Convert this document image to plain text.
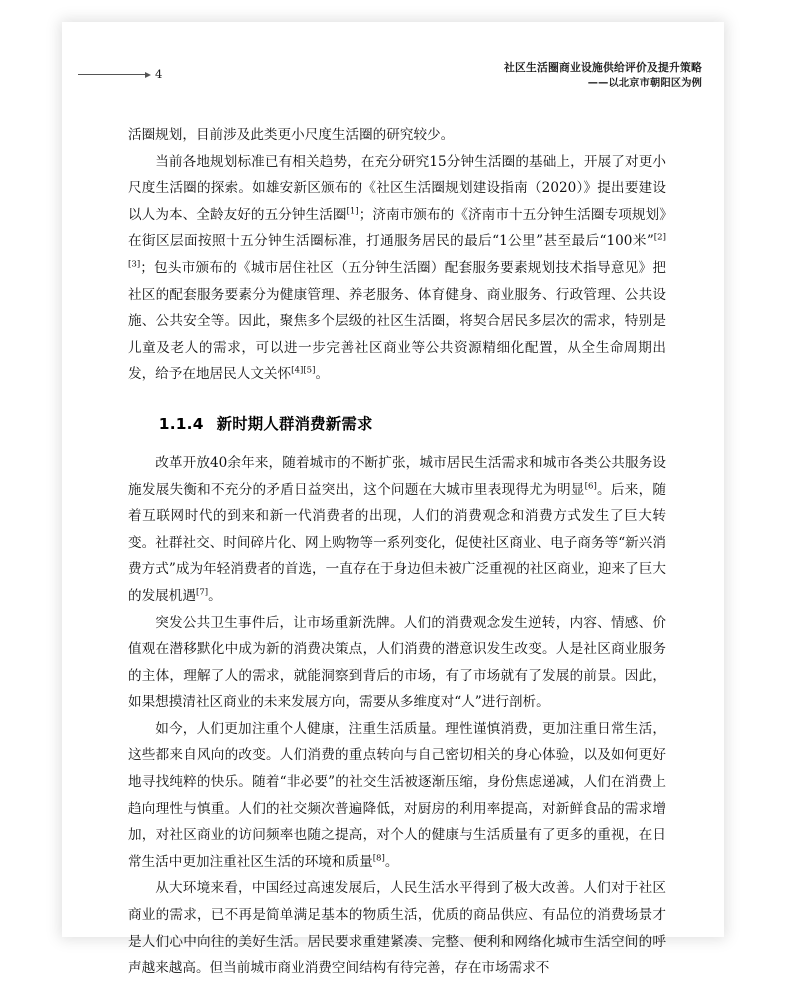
4	社区生活圈商业设施供给评价及提升策略
——以北京市朝阳区为例

活圈规划，目前涉及此类更小尺度生活圈的研究较少。

当前各地规划标准已有相关趋势，在充分研究15分钟生活圈的基础上，开展了对更小尺度生活圈的探索。如雄安新区颁布的《社区生活圈规划建设指南（2020）》提出要建设以人为本、全龄友好的五分钟生活圈[1]；济南市颁布的《济南市十五分钟生活圈专项规划》在街区层面按照十五分钟生活圈标准，打通服务居民的最后“1公里”甚至最后“100米”[2][3]；包头市颁布的《城市居住社区（五分钟生活圈）配套服务要素规划技术指导意见》把社区的配套服务要素分为健康管理、养老服务、体育健身、商业服务、行政管理、公共设施、公共安全等。因此，聚焦多个层级的社区生活圈，将契合居民多层次的需求，特别是儿童及老人的需求，可以进一步完善社区商业等公共资源精细化配置，从全生命周期出发，给予在地居民人文关怀[4][5]。

1.1.4 新时期人群消费新需求

改革开放40余年来，随着城市的不断扩张，城市居民生活需求和城市各类公共服务设施发展失衡和不充分的矛盾日益突出，这个问题在大城市里表现得尤为明显[6]。后来，随着互联网时代的到来和新一代消费者的出现，人们的消费观念和消费方式发生了巨大转变。社群社交、时间碎片化、网上购物等一系列变化，促使社区商业、电子商务等“新兴消费方式”成为年轻消费者的首选，一直存在于身边但未被广泛重视的社区商业，迎来了巨大的发展机遇[7]。

突发公共卫生事件后，让市场重新洗牌。人们的消费观念发生逆转，内容、情感、价值观在潜移默化中成为新的消费决策点，人们消费的潜意识发生改变。人是社区商业服务的主体，理解了人的需求，就能洞察到背后的市场，有了市场就有了发展的前景。因此，如果想摸清社区商业的未来发展方向，需要从多维度对“人”进行剖析。

如今，人们更加注重个人健康，注重生活质量。理性谨慎消费，更加注重日常生活，这些都来自风向的改变。人们消费的重点转向与自己密切相关的身心体验，以及如何更好地寻找纯粹的快乐。随着“非必要”的社交生活被逐渐压缩，身份焦虑递减，人们在消费上趋向理性与慎重。人们的社交频次普遍降低，对厨房的利用率提高，对新鲜食品的需求增加，对社区商业的访问频率也随之提高，对个人的健康与生活质量有了更多的重视，在日常生活中更加注重社区生活的环境和质量[8]。

从大环境来看，中国经过高速发展后，人民生活水平得到了极大改善。人们对于社区商业的需求，已不再是简单满足基本的物质生活，优质的商品供应、有品位的消费场景才是人们心中向往的美好生活。居民要求重建紧凑、完整、便利和网络化城市生活空间的呼声越来越高。但当前城市商业消费空间结构有待完善，存在市场需求不
